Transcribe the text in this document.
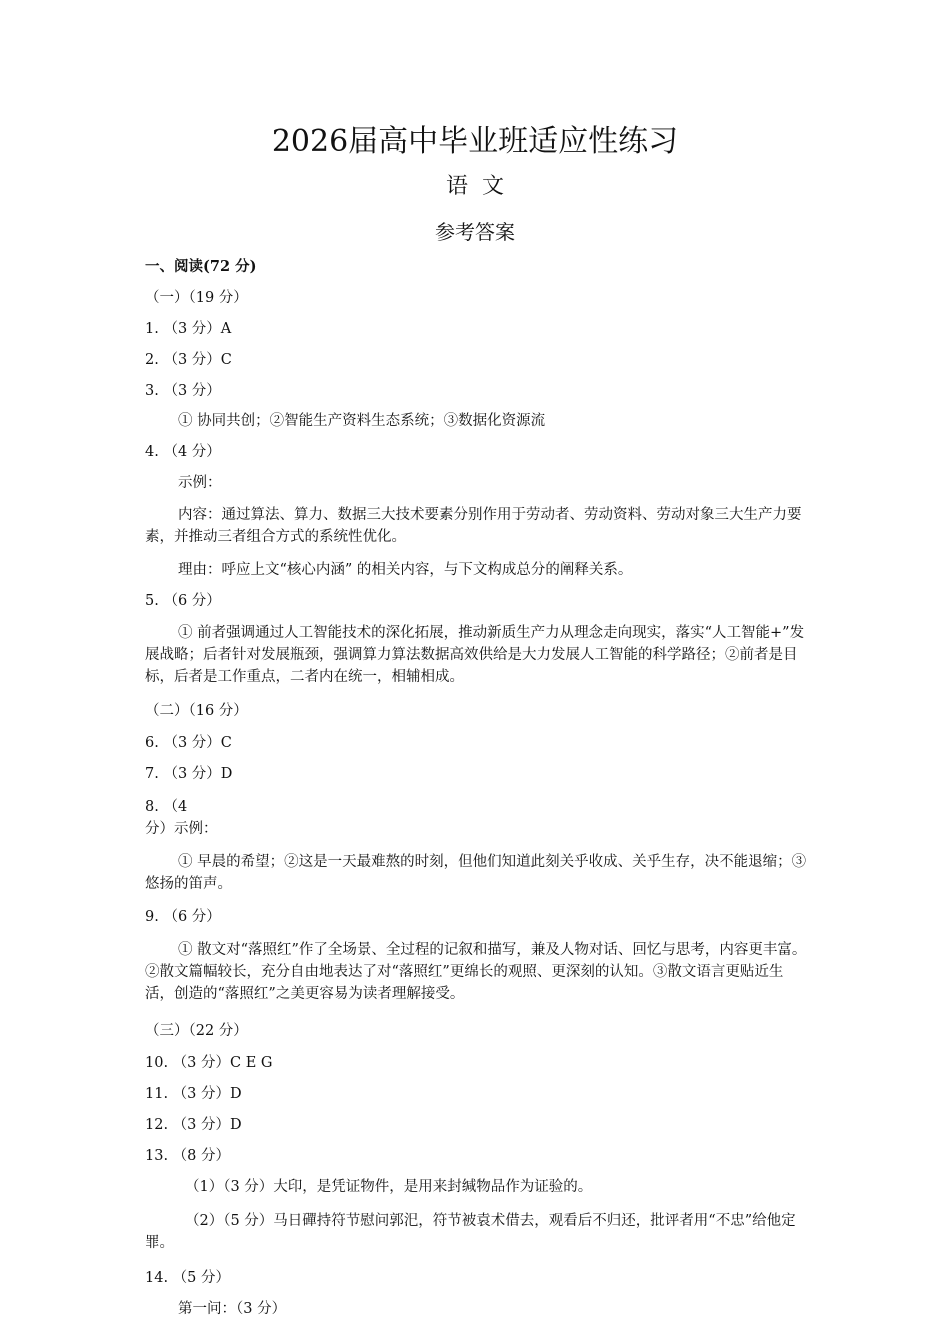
2026届高中毕业班适应性练习
语文
参考答案
一、阅读(72 分)
（一）（19 分）
1. （3 分）A
2. （3 分）C
3. （3 分）
① 协同共创；②智能生产资料生态系统；③数据化资源流
4. （4 分）
示例：
内容：通过算法、算力、数据三大技术要素分别作用于劳动者、劳动资料、劳动对象三大生产力要素，并推动三者组合方式的系统性优化。
理由：呼应上文“核心内涵” 的相关内容，与下文构成总分的阐释关系。
5. （6 分）
① 前者强调通过人工智能技术的深化拓展，推动新质生产力从理念走向现实，落实“人工智能+”发展战略；后者针对发展瓶颈，强调算力算法数据高效供给是大力发展人工智能的科学路径；②前者是目标，后者是工作重点，二者内在统一，相辅相成。
（二）（16 分）
6. （3 分）C
7. （3 分）D
8. （4
分）示例：
① 早晨的希望；②这是一天最难熬的时刻，但他们知道此刻关乎收成、关乎生存，决不能退缩；③悠扬的笛声。
9. （6 分）
① 散文对“落照红”作了全场景、全过程的记叙和描写，兼及人物对话、回忆与思考，内容更丰富。②散文篇幅较长，充分自由地表达了对“落照红”更绵长的观照、更深刻的认知。③散文语言更贴近生活，创造的“落照红”之美更容易为读者理解接受。
（三）（22 分）
10. （3 分）C E G
11. （3 分）D
12. （3 分）D
13. （8 分）
（1）（3 分）大印，是凭证物件，是用来封缄物品作为证验的。
（2）（5 分）马日磾持符节慰问郭汜，符节被袁术借去，观看后不归还，批评者用“不忠”给他定罪。
14. （5 分）
第一问：（3 分）
